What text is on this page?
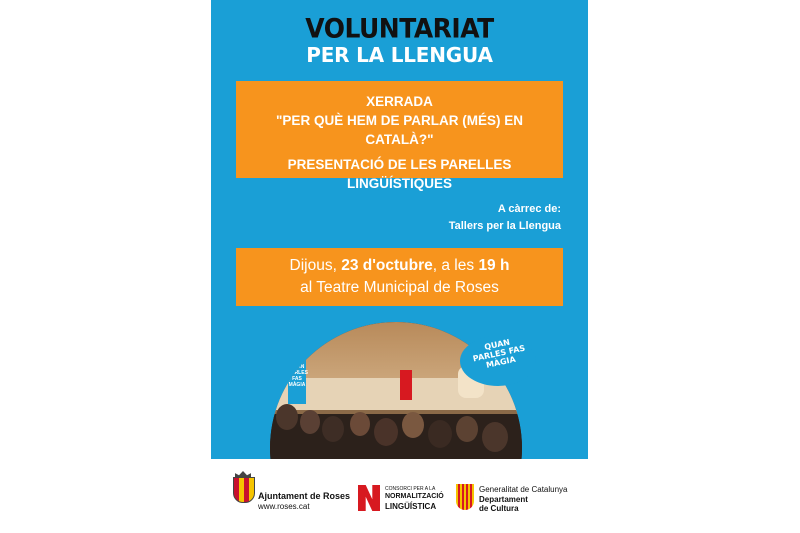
VOLUNTARIAT
PER LA LLENGUA
XERRADA
"PER QUÈ HEM DE PARLAR (MÉS) EN
CATALÀ?"
PRESENTACIÓ DE LES PARELLES LINGÜÍSTIQUES
A càrrec de:
Tallers per la Llengua
Dijous, 23 d'octubre, a les 19 h
al Teatre Municipal de Roses
QUAN PARLES FAS MÀGIA
QUAN PARLES FAS MÀGIA
Ajuntament de Roses
www.roses.cat
CONSORCI PER A LA
NORMALITZACIÓ
LINGÜÍSTICA
Generalitat de Catalunya
Departament
de Cultura
